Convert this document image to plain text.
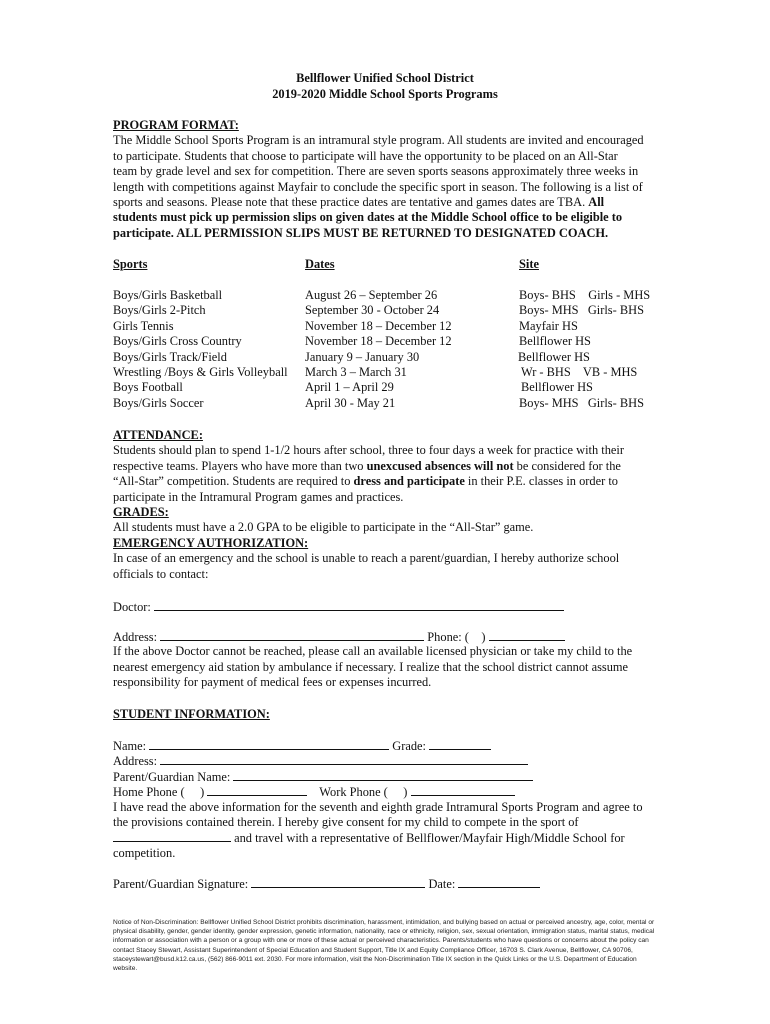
Bellflower Unified School District
2019-2020 Middle School Sports Programs
PROGRAM FORMAT:
The Middle School Sports Program is an intramural style program. All students are invited and encouraged
to participate. Students that choose to participate will have the opportunity to be placed on an All-Star
team by grade level and sex for competition. There are seven sports seasons approximately three weeks in
length with competitions against Mayfair to conclude the specific sport in season. The following is a list of
sports and seasons. Please note that these practice dates are tentative and games dates are TBA. All
students must pick up permission slips on given dates at the Middle School office to be eligible to
participate. ALL PERMISSION SLIPS MUST BE RETURNED TO DESIGNATED COACH.
Sports	Dates	Site
Boys/Girls Basketball	August 26 – September 26	Boys- BHS    Girls - MHS
Boys/Girls 2-Pitch	September 30 - October 24	Boys- MHS   Girls- BHS
Girls Tennis	November 18 – December 12	Mayfair HS
Boys/Girls Cross Country	November 18 – December 12	Bellflower HS
Boys/Girls Track/Field	January 9 – January 30	Bellflower HS
Wrestling /Boys & Girls Volleyball March 3 – March 31	Wr - BHS    VB - MHS
Boys Football	April 1 – April 29	Bellflower HS
Boys/Girls Soccer	April 30 - May 21	Boys- MHS   Girls- BHS
ATTENDANCE:
Students should plan to spend 1-1/2 hours after school, three to four days a week for practice with their
respective teams. Players who have more than two unexcused absences will not be considered for the
“All-Star” competition. Students are required to dress and participate in their P.E. classes in order to
participate in the Intramural Program games and practices.
GRADES:
All students must have a 2.0 GPA to be eligible to participate in the “All-Star” game.
EMERGENCY AUTHORIZATION:
In case of an emergency and the school is unable to reach a parent/guardian, I hereby authorize school
officials to contact:
Doctor:
Address:	Phone: (    )
If the above Doctor cannot be reached, please call an available licensed physician or take my child to the
nearest emergency aid station by ambulance if necessary. I realize that the school district cannot assume
responsibility for payment of medical fees or expenses incurred.
STUDENT INFORMATION:
Name:	Grade:
Address:
Parent/Guardian Name:
Home Phone (     )	Work Phone (     )
I have read the above information for the seventh and eighth grade Intramural Sports Program and agree to
the provisions contained therein. I hereby give consent for my child to compete in the sport of
and travel with a representative of Bellflower/Mayfair High/Middle School for
competition.
Parent/Guardian Signature:	Date:
Notice of Non-Discrimination: Bellflower Unified School District prohibits discrimination, harassment, intimidation, and bullying based on actual or perceived ancestry, age, color, mental or physical disability, gender, gender identity, gender expression, genetic information, nationality, race or ethnicity, religion, sex, sexual orientation, immigration status, marital status, medical information or association with a person or a group with one or more of these actual or perceived characteristics. Parents/students who have questions or concerns about the policy can contact Stacey Stewart, Assistant Superintendent of Special Education and Student Support, Title IX and Equity Compliance Officer, 16703 S. Clark Avenue, Bellflower, CA 90706, staceystewart@busd.k12.ca.us, (562) 866-9011 ext. 2030. For more information, visit the Non-Discrimination Title IX section in the Quick Links or the U.S. Department of Education website.
